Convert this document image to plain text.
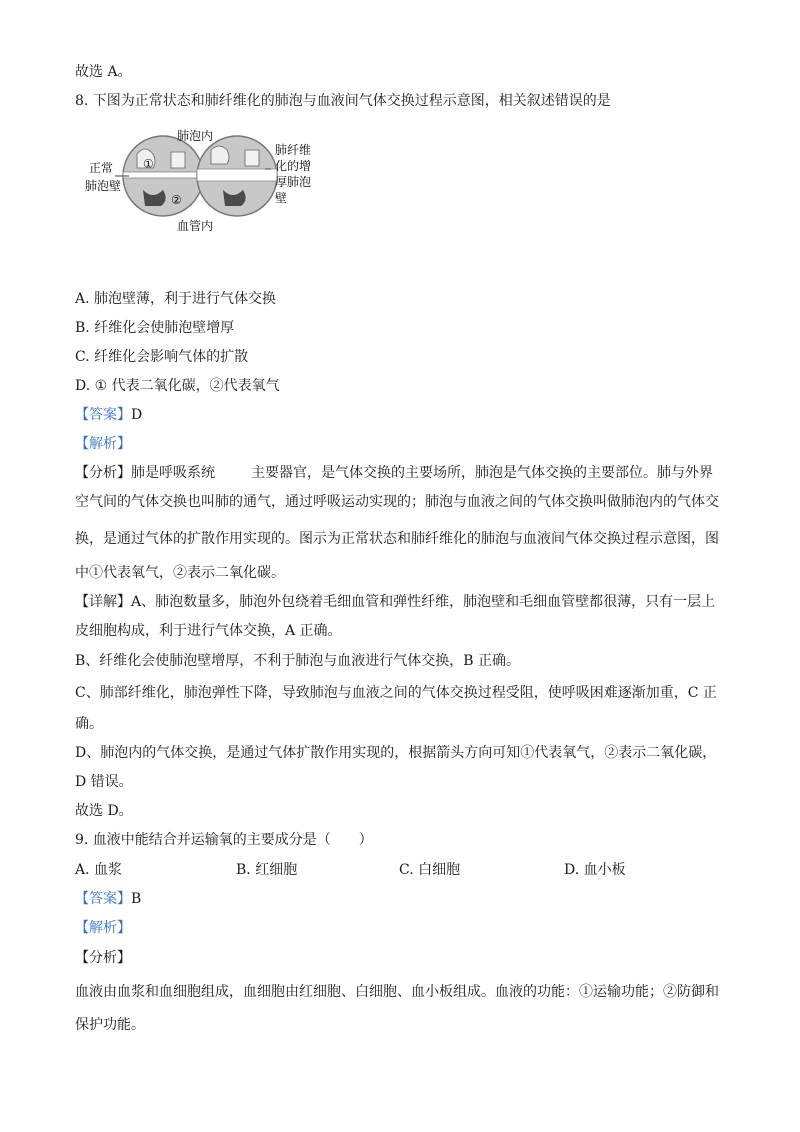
故选 A。
8. 下图为正常状态和肺纤维化的肺泡与血液间气体交换过程示意图，相关叙述错误的是
肺泡内
正常
肺泡壁
血管内
肺纤维
化的增
厚肺泡
壁
①
②
A. 肺泡壁薄，利于进行气体交换
B. 纤维化会使肺泡壁增厚
C. 纤维化会影响气体的扩散
D. ① 代表二氧化碳，②代表氧气
【答案】D
【解析】
【分析】肺是呼吸系统	主要器官，是气体交换的主要场所，肺泡是气体交换的主要部位。肺与外界
空气间的气体交换也叫肺的通气，通过呼吸运动实现的；肺泡与血液之间的气体交换叫做肺泡内的气体交
换，是通过气体的扩散作用实现的。图示为正常状态和肺纤维化的肺泡与血液间气体交换过程示意图，图
中①代表氧气，②表示二氧化碳。
【详解】A、肺泡数量多，肺泡外包绕着毛细血管和弹性纤维，肺泡壁和毛细血管壁都很薄，只有一层上
皮细胞构成，利于进行气体交换，A 正确。
B、纤维化会使肺泡壁增厚，不利于肺泡与血液进行气体交换，B 正确。
C、肺部纤维化，肺泡弹性下降，导致肺泡与血液之间的气体交换过程受阻，使呼吸困难逐渐加重，C 正
确。
D、肺泡内的气体交换，是通过气体扩散作用实现的，根据箭头方向可知①代表氧气，②表示二氧化碳，
D 错误。
故选 D。
9. 血液中能结合并运输氧的主要成分是（　　）
A. 血浆	B. 红细胞	C. 白细胞	D. 血小板
【答案】B
【解析】
【分析】
血液由血浆和血细胞组成，血细胞由红细胞、白细胞、血小板组成。血液的功能：①运输功能；②防御和
保护功能。
